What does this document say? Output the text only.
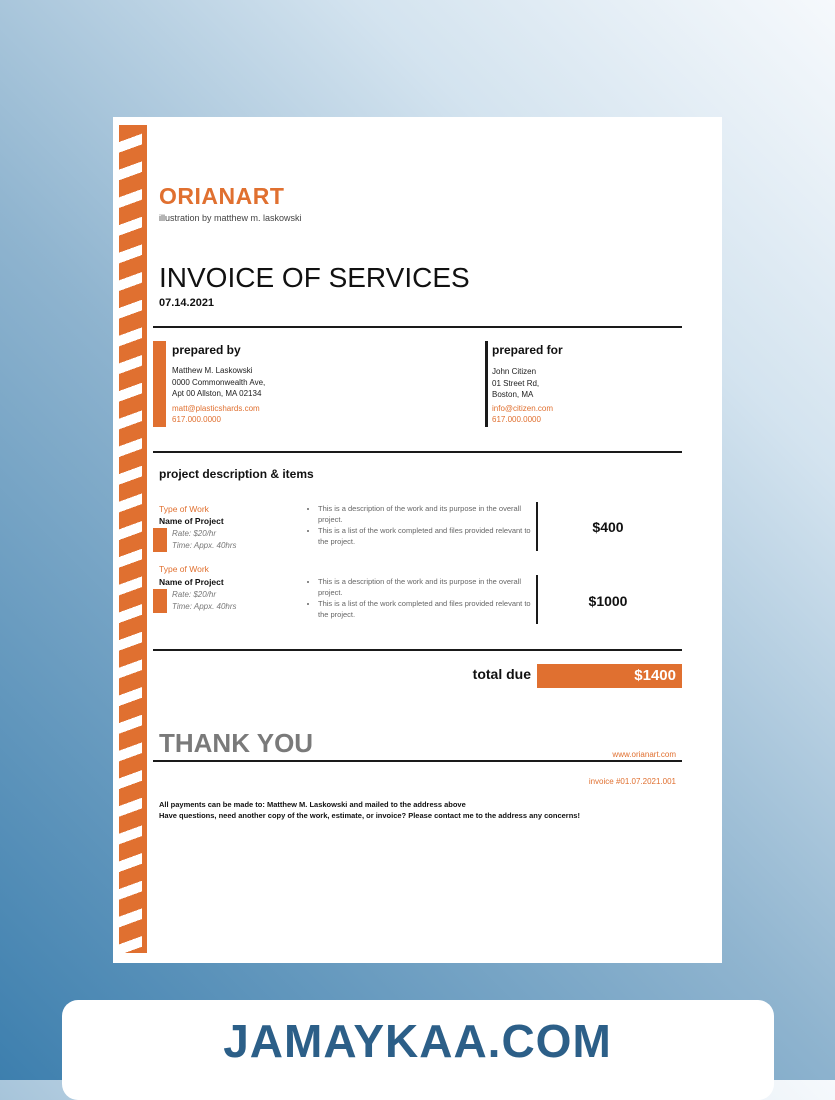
ORIANART
illustration by matthew m. laskowski
INVOICE OF SERVICES
07.14.2021
prepared by
Matthew M. Laskowski
0000 Commonwealth Ave,
Apt 00 Allston, MA 02134
matt@plasticshards.com
617.000.0000
prepared for
John Citizen
01 Street Rd,
Boston, MA
info@citizen.com
617.000.0000
project description & items
Type of Work
Name of Project
Rate: $20/hr
Time: Appx. 40hrs
• This is a description of the work and its purpose in the overall project.
• This is a list of the work completed and files provided relevant to the project.
$400
Type of Work
Name of Project
Rate: $20/hr
Time: Appx. 40hrs
• This is a description of the work and its purpose in the overall project.
• This is a list of the work completed and files provided relevant to the project.
$1000
total due	$1400
THANK YOU	www.orianart.com
invoice #01.07.2021.001
All payments can be made to: Matthew M. Laskowski and mailed to the address above
Have questions, need another copy of the work, estimate, or invoice? Please contact me to the address any concerns!
JAMAYKAA.COM
